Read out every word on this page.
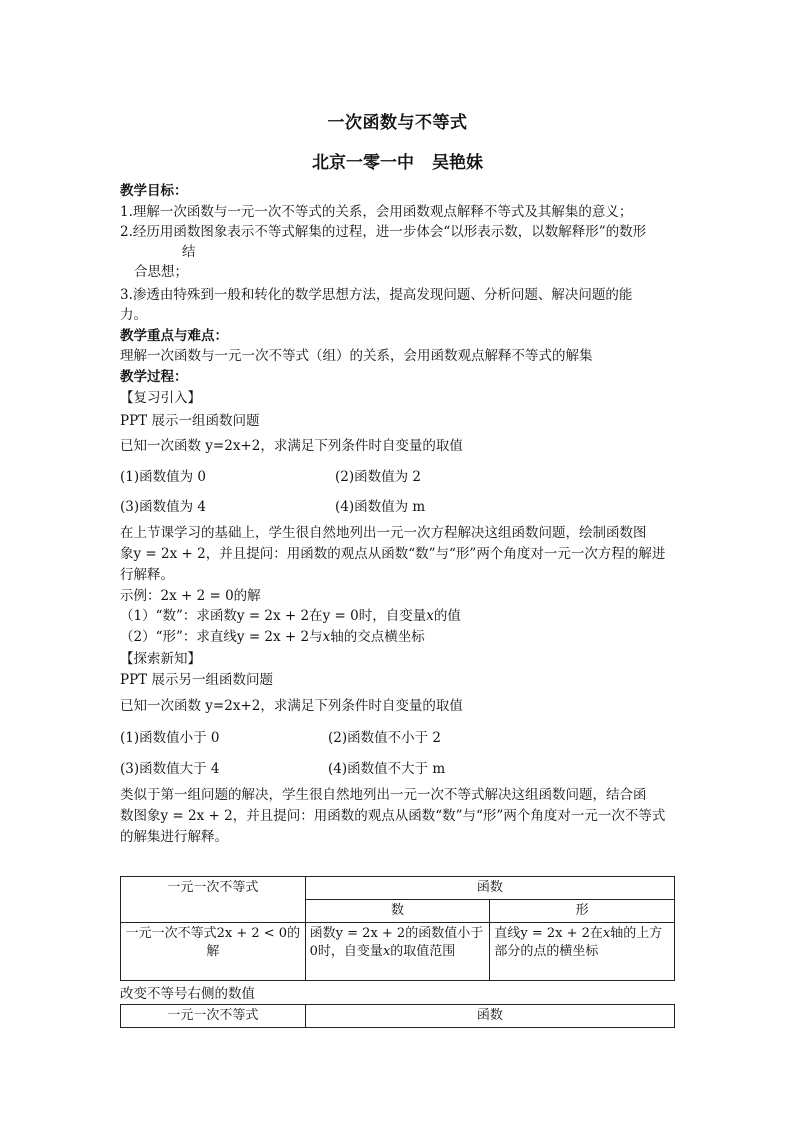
一次函数与不等式
北京一零一中 吴艳妹
教学目标：
1.理解一次函数与一元一次不等式的关系，会用函数观点解释不等式及其解集的意义；
2.经历用函数图象表示不等式解集的过程，进一步体会“以形表示数，以数解释形”的数形
结
合思想；
3.渗透由特殊到一般和转化的数学思想方法，提高发现问题、分析问题、解决问题的能
力。
教学重点与难点：
理解一次函数与一元一次不等式（组）的关系，会用函数观点解释不等式的解集
教学过程：
【复习引入】
PPT 展示一组函数问题
已知一次函数 y=2x+2，求满足下列条件时自变量的取值
(1)函数值为 0	(2)函数值为 2
(3)函数值为 4	(4)函数值为 m
在上节课学习的基础上，学生很自然地列出一元一次方程解决这组函数问题，绘制函数图
象y = 2x + 2，并且提问：用函数的观点从函数“数”与“形”两个角度对一元一次方程的解进
行解释。
示例：2x + 2 = 0的解
（1）“数”：求函数y = 2x + 2在y = 0时，自变量x的值
（2）“形”：求直线y = 2x + 2与x轴的交点横坐标
【探索新知】
PPT 展示另一组函数问题
已知一次函数 y=2x+2，求满足下列条件时自变量的取值
(1)函数值小于 0	(2)函数值不小于 2
(3)函数值大于 4	(4)函数值不大于 m
类似于第一组问题的解决，学生很自然地列出一元一次不等式解决这组函数问题，结合函
数图象y = 2x + 2，并且提问：用函数的观点从函数“数”与“形”两个角度对一元一次不等式
的解集进行解释。
一元一次不等式	函数	
	数	形
一元一次不等式2x + 2 < 0的解	函数y = 2x + 2的函数值小于 0时，自变量x的取值范围	直线y = 2x + 2在x轴的上方部分的点的横坐标
改变不等号右侧的数值
一元一次不等式	函数
